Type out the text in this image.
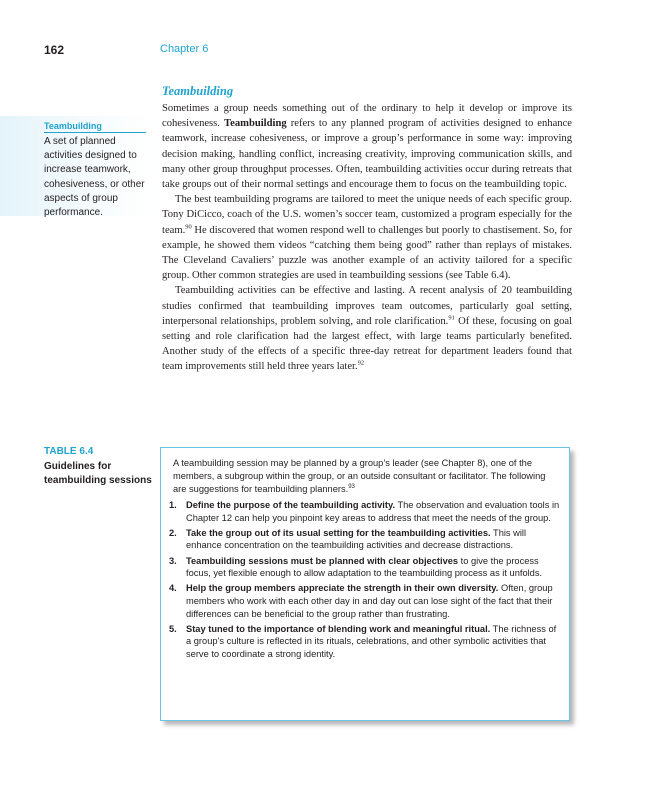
162	Chapter 6
Teambuilding
A set of planned activities designed to increase teamwork, cohesiveness, or other aspects of group performance.
Teambuilding

Sometimes a group needs something out of the ordinary to help it develop or improve its cohesiveness. Teambuilding refers to any planned program of activities designed to enhance teamwork, increase cohesiveness, or improve a group’s performance in some way: improving decision making, handling conflict, increasing creativity, improving communication skills, and many other group throughput processes. Often, teambuilding activities occur during retreats that take groups out of their normal settings and encourage them to focus on the teambuilding topic.

The best teambuilding programs are tailored to meet the unique needs of each specific group. Tony DiCicco, coach of the U.S. women’s soccer team, customized a program especially for the team.$^{90}$ He discovered that women respond well to challenges but poorly to chastisement. So, for example, he showed them videos “catching them being good” rather than replays of mistakes. The Cleveland Cavaliers’ puzzle was another example of an activity tailored for a specific group. Other common strategies are used in teambuilding sessions (see Table 6.4).

Teambuilding activities can be effective and lasting. A recent analysis of 20 teambuilding studies confirmed that teambuilding improves team outcomes, particularly goal setting, interpersonal relationships, problem solving, and role clarification.$^{91}$ Of these, focusing on goal setting and role clarification had the largest effect, with large teams particularly benefited. Another study of the effects of a specific three-day retreat for department leaders found that team improvements still held three years later.$^{92}$

TABLE 6.4
Guidelines for teambuilding sessions
A teambuilding session may be planned by a group’s leader (see Chapter 8), one of the members, a subgroup within the group, or an outside consultant or facilitator. The following are suggestions for teambuilding planners.$^{93}$
1. Define the purpose of the teambuilding activity. The observation and evaluation tools in Chapter 12 can help you pinpoint key areas to address that meet the needs of the group.
2. Take the group out of its usual setting for the teambuilding activities. This will enhance concentration on the teambuilding activities and decrease distractions.
3. Teambuilding sessions must be planned with clear objectives to give the process focus, yet flexible enough to allow adaptation to the teambuilding process as it unfolds.
4. Help the group members appreciate the strength in their own diversity. Often, group members who work with each other day in and day out can lose sight of the fact that their differences can be beneficial to the group rather than frustrating.
5. Stay tuned to the importance of blending work and meaningful ritual. The richness of a group’s culture is reflected in its rituals, celebrations, and other symbolic activities that serve to coordinate a strong identity.
